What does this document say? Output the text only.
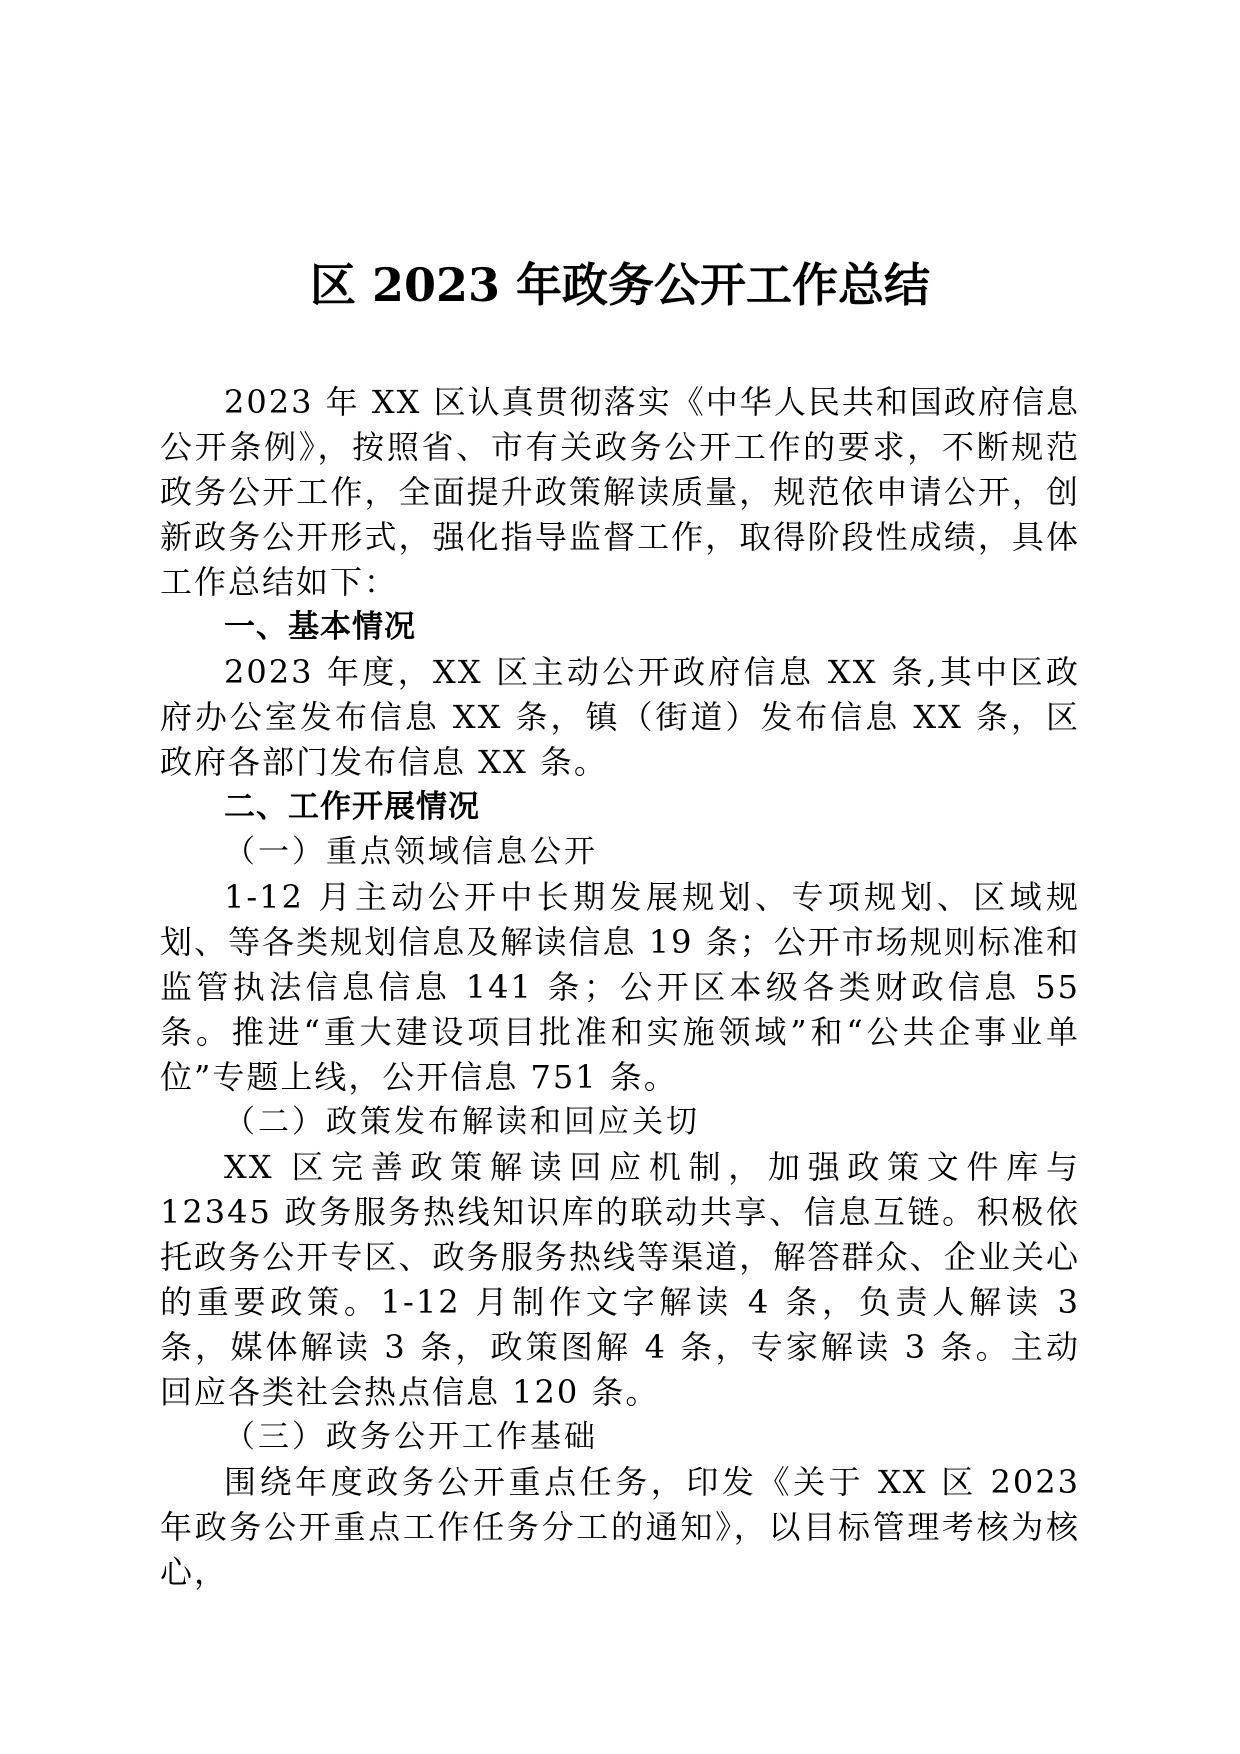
区 2023 年政务公开工作总结

2023 年 XX 区认真贯彻落实《中华人民共和国政府信息公开条例》，按照省、市有关政务公开工作的要求，不断规范政务公开工作，全面提升政策解读质量，规范依申请公开，创新政务公开形式，强化指导监督工作，取得阶段性成绩，具体工作总结如下：

一、基本情况

2023 年度，XX 区主动公开政府信息 XX 条,其中区政府办公室发布信息 XX 条，镇（街道）发布信息 XX 条，区政府各部门发布信息 XX 条。

二、工作开展情况

（一）重点领域信息公开

1-12 月主动公开中长期发展规划、专项规划、区域规划、等各类规划信息及解读信息 19 条；公开市场规则标准和监管执法信息信息 141 条；公开区本级各类财政信息 55 条。推进“重大建设项目批准和实施领域”和“公共企事业单位”专题上线，公开信息 751 条。

（二）政策发布解读和回应关切

XX 区完善政策解读回应机制，加强政策文件库与 12345 政务服务热线知识库的联动共享、信息互链。积极依托政务公开专区、政务服务热线等渠道，解答群众、企业关心的重要政策。1-12 月制作文字解读 4 条，负责人解读 3 条，媒体解读 3 条，政策图解 4 条，专家解读 3 条。主动回应各类社会热点信息 120 条。

（三）政务公开工作基础

围绕年度政务公开重点任务，印发《关于 XX 区 2023 年政务公开重点工作任务分工的通知》，以目标管理考核为核心，
